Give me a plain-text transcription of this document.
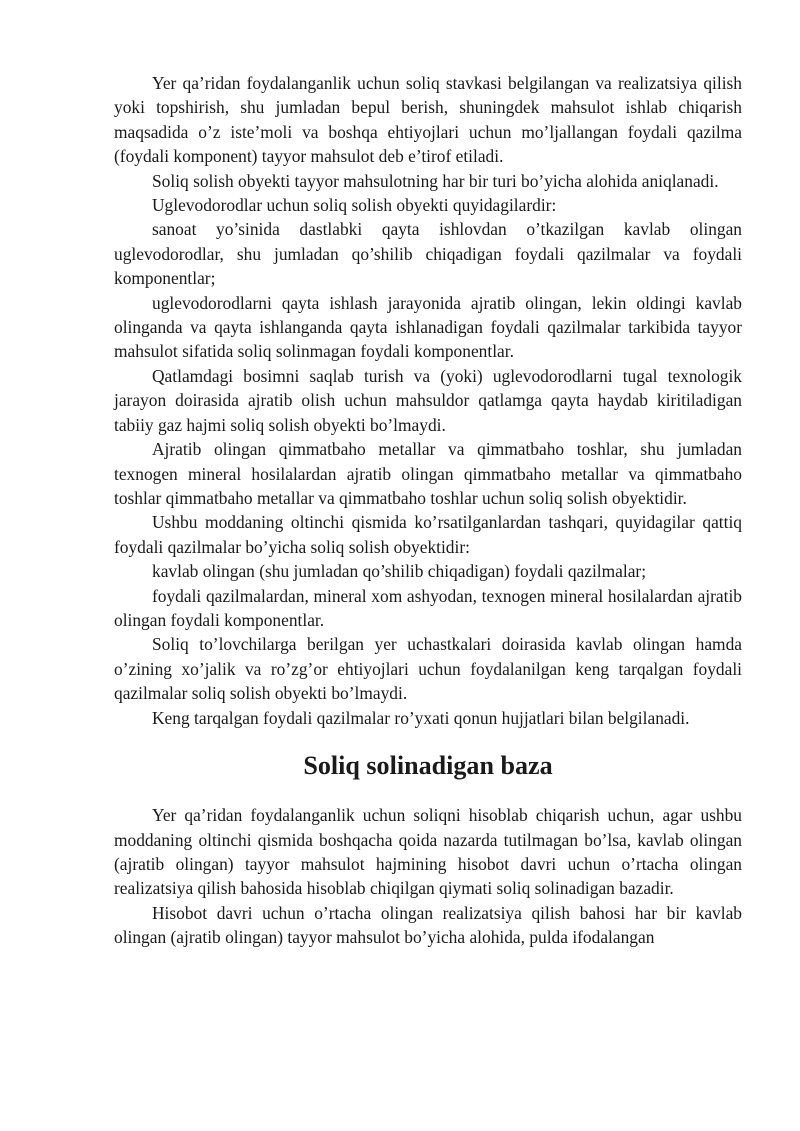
Yer qa’ridan foydalanganlik uchun soliq stavkasi belgilangan va realizatsiya qilish yoki topshirish, shu jumladan bepul berish, shuningdek mahsulot ishlab chiqarish maqsadida o’z iste’moli va boshqa ehtiyojlari uchun mo’ljallangan foydali qazilma (foydali komponent) tayyor mahsulot deb e’tirof etiladi.

Soliq solish obyekti tayyor mahsulotning har bir turi bo’yicha alohida aniqlanadi.

Uglevodorodlar uchun soliq solish obyekti quyidagilardir:

sanoat yo’sinida dastlabki qayta ishlovdan o’tkazilgan kavlab olingan uglevodorodlar, shu jumladan qo’shilib chiqadigan foydali qazilmalar va foydali komponentlar;

uglevodorodlarni qayta ishlash jarayonida ajratib olingan, lekin oldingi kavlab olinganda va qayta ishlanganda qayta ishlanadigan foydali qazilmalar tarkibida tayyor mahsulot sifatida soliq solinmagan foydali komponentlar.

Qatlamdagi bosimni saqlab turish va (yoki) uglevodorodlarni tugal texnologik jarayon doirasida ajratib olish uchun mahsuldor qatlamga qayta haydab kiritiladigan tabiiy gaz hajmi soliq solish obyekti bo’lmaydi.

Ajratib olingan qimmatbaho metallar va qimmatbaho toshlar, shu jumladan texnogen mineral hosilalardan ajratib olingan qimmatbaho metallar va qimmatbaho toshlar qimmatbaho metallar va qimmatbaho toshlar uchun soliq solish obyektidir.

Ushbu moddaning oltinchi qismida ko’rsatilganlardan tashqari, quyidagilar qattiq foydali qazilmalar bo’yicha soliq solish obyektidir:

kavlab olingan (shu jumladan qo’shilib chiqadigan) foydali qazilmalar;

foydali qazilmalardan, mineral xom ashyodan, texnogen mineral hosilalardan ajratib olingan foydali komponentlar.

Soliq to’lovchilarga berilgan yer uchastkalari doirasida kavlab olingan hamda o’zining xo’jalik va ro’zg’or ehtiyojlari uchun foydalanilgan keng tarqalgan foydali qazilmalar soliq solish obyekti bo’lmaydi.

Keng tarqalgan foydali qazilmalar ro’yxati qonun hujjatlari bilan belgilanadi.

Soliq solinadigan baza

Yer qa’ridan foydalanganlik uchun soliqni hisoblab chiqarish uchun, agar ushbu moddaning oltinchi qismida boshqacha qoida nazarda tutilmagan bo’lsa, kavlab olingan (ajratib olingan) tayyor mahsulot hajmining hisobot davri uchun o’rtacha olingan realizatsiya qilish bahosida hisoblab chiqilgan qiymati soliq solinadigan bazadir.

Hisobot davri uchun o’rtacha olingan realizatsiya qilish bahosi har bir kavlab olingan (ajratib olingan) tayyor mahsulot bo’yicha alohida, pulda ifodalangan
